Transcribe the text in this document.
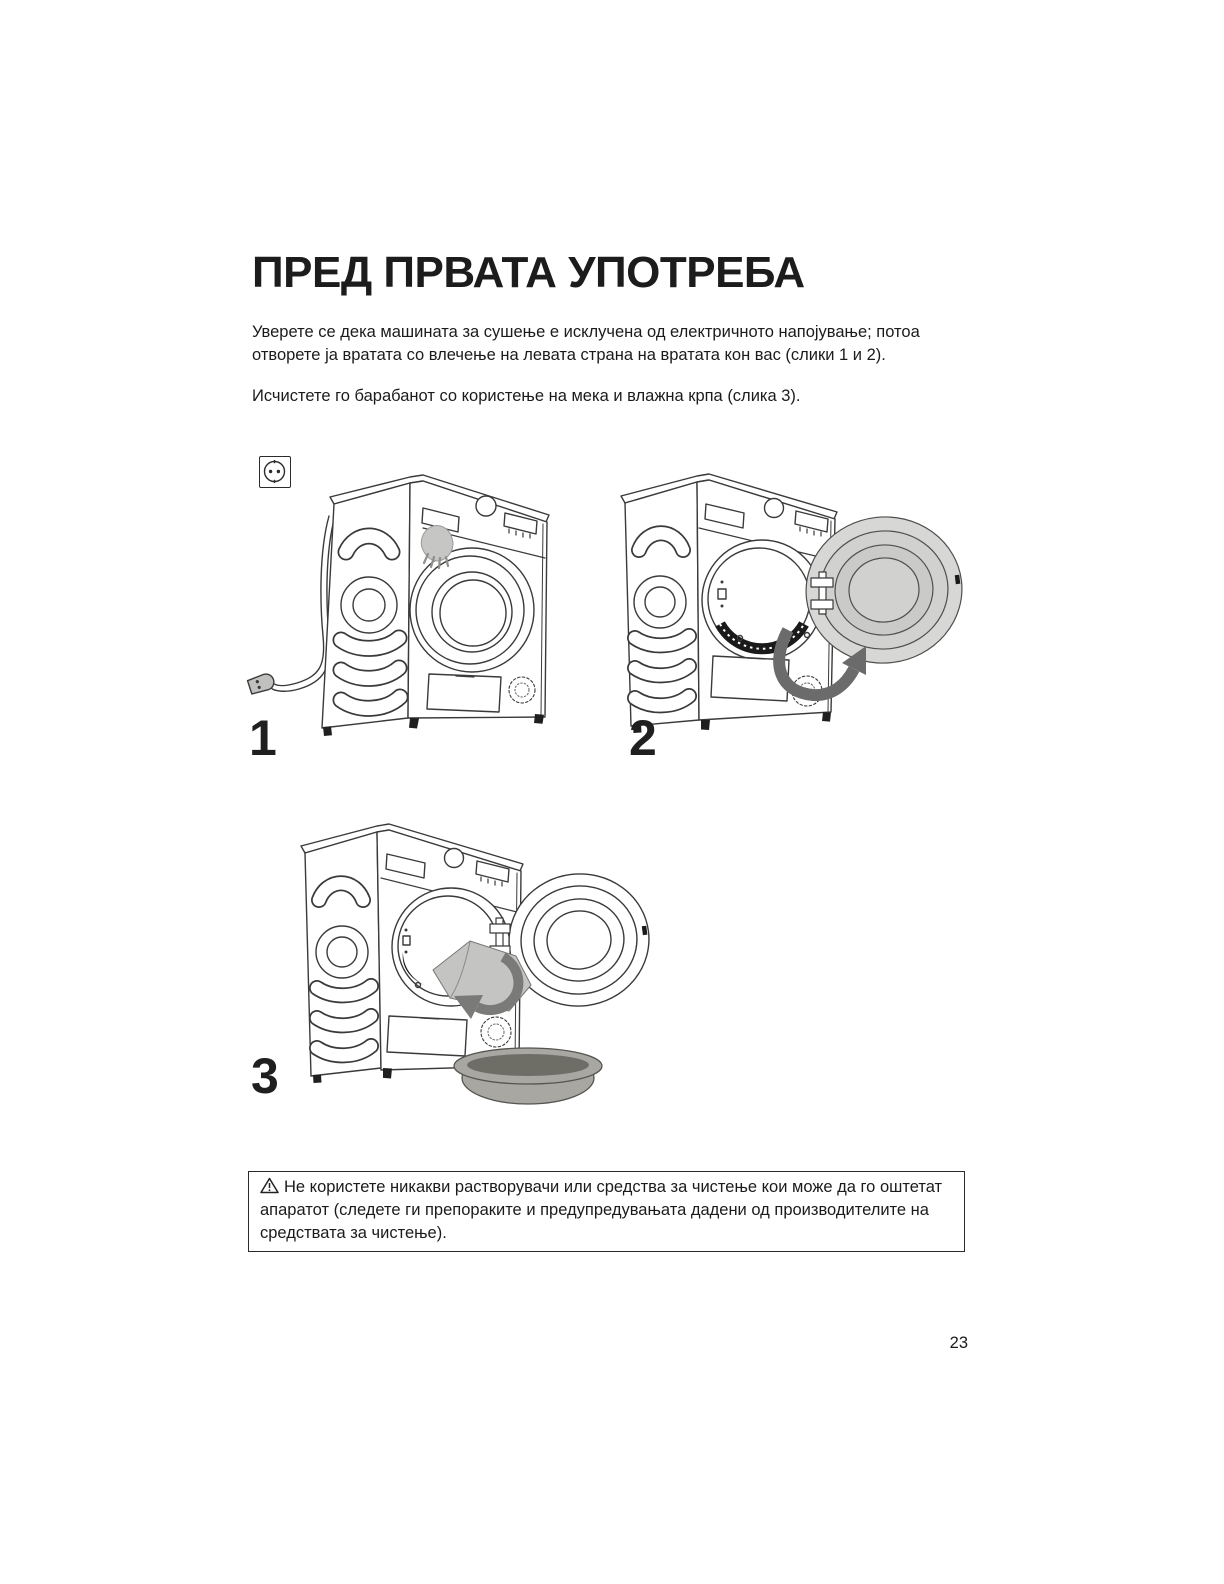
ПРЕД ПРВАТА УПОТРЕБА
Уверете се дека машината за сушење е исклучена од електричното напојување; потоа отворете ја вратата со влечење на левата страна на вратата кон вас (слики 1 и 2).
Исчистете го барабанот со користење на мека и влажна крпа (слика 3).
1	2
3
Не користете никакви растворувачи или средства за чистење кои може да го оштетат апаратот (следете ги препораките и предупредувањата дадени од производителите на средствата за чистење).
23
